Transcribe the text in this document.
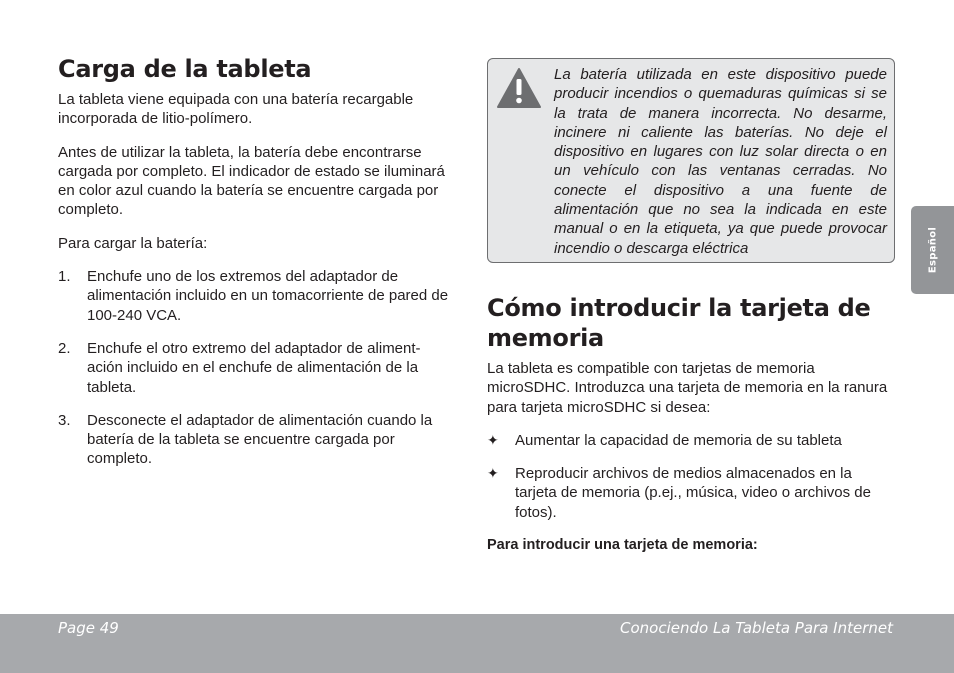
Carga de la tableta

La tableta viene equipada con una batería recargable incorporada de litio-polímero.

Antes de utilizar la tableta, la batería debe encontrarse cargada por completo. El indicador de estado se iluminará en color azul cuando la batería se encuentre cargada por completo.

Para cargar la batería:

1. Enchufe uno de los extremos del adaptador de alimentación incluido en un tomacorriente de pared de 100-240 VCA.
2. Enchufe el otro extremo del adaptador de aliment-ación incluido en el enchufe de alimentación de la tableta.
3. Desconecte el adaptador de alimentación cuando la batería de la tableta se encuentre cargada por completo.

La batería utilizada en este dispositivo puede producir incendios o quemaduras químicas si se la trata de manera incorrecta. No desarme, incinere ni caliente las baterías. No deje el dispositivo en lugares con luz solar directa o en un vehículo con las ventanas cerradas. No conecte el dispositivo a una fuente de alimentación que no sea la indicada en este manual o en la etiqueta, ya que puede provocar incendio o descarga eléctrica

Cómo introducir la tarjeta de memoria

La tableta es compatible con tarjetas de memoria microSDHC. Introduzca una tarjeta de memoria en la ranura para tarjeta microSDHC si desea:

✦ Aumentar la capacidad de memoria de su tableta
✦ Reproducir archivos de medios almacenados en la tarjeta de memoria (p.ej., música, video o archivos de fotos).

Para introducir una tarjeta de memoria:

Español
Page 49	Conociendo La Tableta Para Internet
